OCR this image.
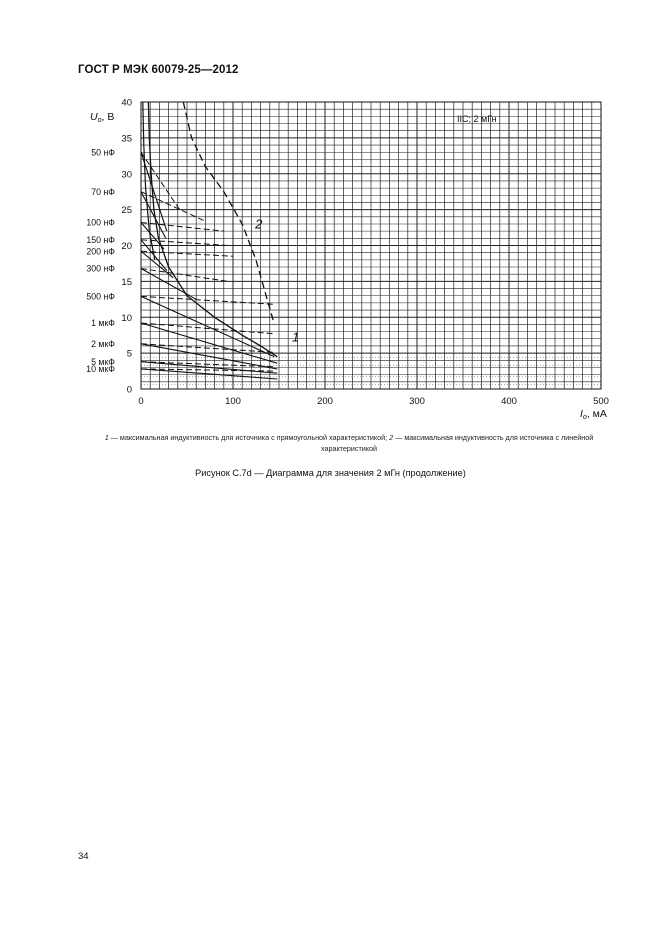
ГОСТ Р МЭК 60079-25—2012
1
2
Uo, В
Io, мА
0
5
10
15
20
25
30
35
40
0	100	200	300	400	500
50 нФ
70 нФ
100 нФ
150 нФ
200 нФ
300 нФ
500 нФ
1 мкФ
2 мкФ
5 мкФ
10 мкФ
IIC; 2 мГн
1 — максимальная индуктивность для источника с прямоугольной характеристикой; 2 — максимальная индуктивность для источника с линейной характеристикой
Рисунок С.7d — Диаграмма для значения 2 мГн (продолжение)
34
